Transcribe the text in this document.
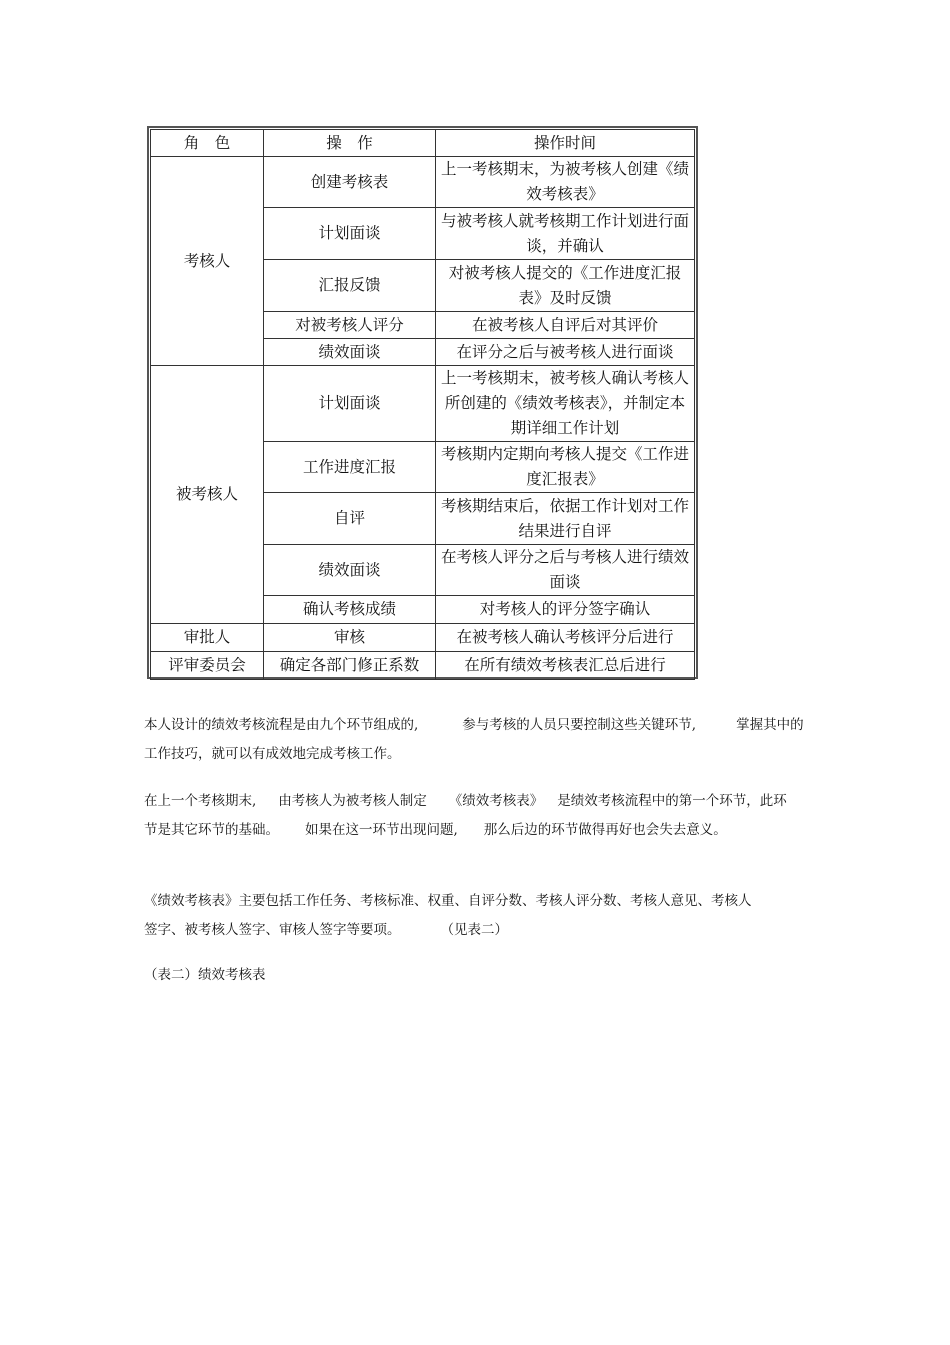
角　色	操　作	操作时间
考核人	创建考核表	上一考核期末，为被考核人创建《绩效考核表》
	计划面谈	与被考核人就考核期工作计划进行面谈，并确认
	汇报反馈	对被考核人提交的《工作进度汇报表》及时反馈
	对被考核人评分	在被考核人自评后对其评价
	绩效面谈	在评分之后与被考核人进行面谈
被考核人	计划面谈	上一考核期末，被考核人确认考核人所创建的《绩效考核表》，并制定本期详细工作计划
	工作进度汇报	考核期内定期向考核人提交《工作进度汇报表》
	自评	考核期结束后，依据工作计划对工作结果进行自评
	绩效面谈	在考核人评分之后与考核人进行绩效面谈
	确认考核成绩	对考核人的评分签字确认
审批人	审核	在被考核人确认考核评分后进行
评审委员会	确定各部门修正系数	在所有绩效考核表汇总后进行

本人设计的绩效考核流程是由九个环节组成的,	参与考核的人员只要控制这些关键环节,	掌握其中的工作技巧，就可以有成效地完成考核工作。

在上一个考核期末, 由考核人为被考核人制定 《绩效考核表》 是绩效考核流程中的第一个环节，此环节是其它环节的基础。 如果在这一环节出现问题, 那么后边的环节做得再好也会失去意义。

《绩效考核表》主要包括工作任务、考核标准、权重、自评分数、考核人评分数、考核人意见、考核人签字、被考核人签字、审核人签字等要项。	（见表二）

（表二）绩效考核表
